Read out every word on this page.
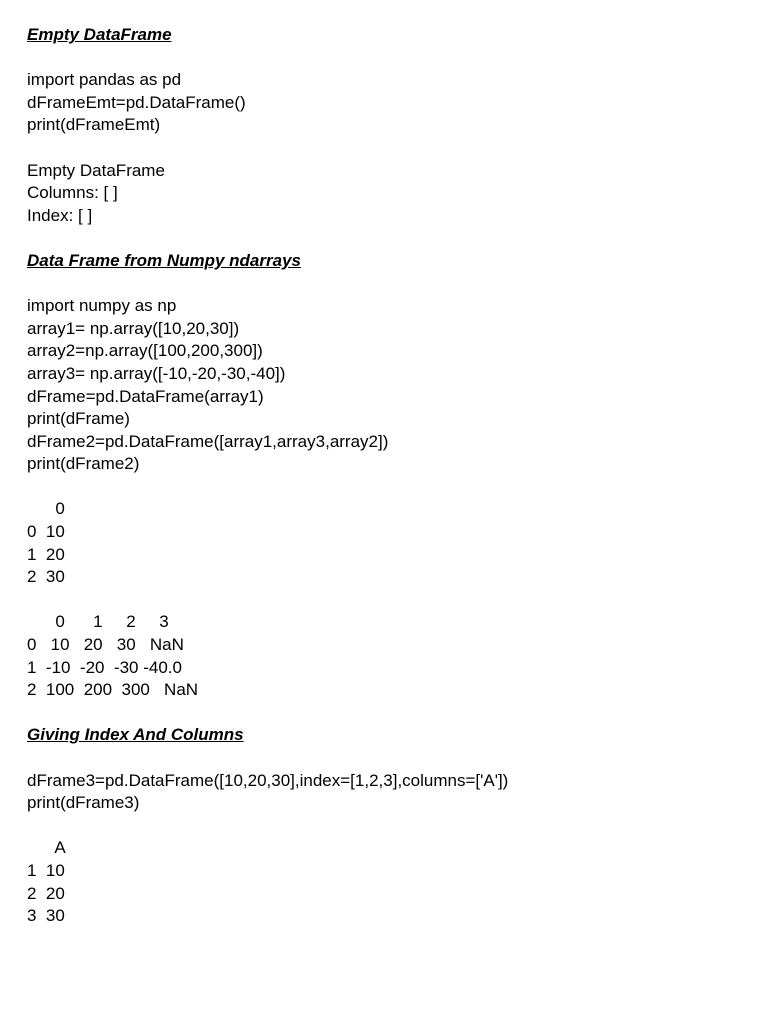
Empty DataFrame
import pandas as pd
dFrameEmt=pd.DataFrame()
print(dFrameEmt)
Empty DataFrame
Columns: [ ]
Index: [ ]
Data Frame from Numpy ndarrays
import numpy as np
array1= np.array([10,20,30])
array2=np.array([100,200,300])
array3= np.array([-10,-20,-30,-40])
dFrame=pd.DataFrame(array1)
print(dFrame)
dFrame2=pd.DataFrame([array1,array3,array2])
print(dFrame2)
0
0  10
1  20
2  30
0      1     2     3
0   10   20   30   NaN
1  -10  -20  -30 -40.0
2  100  200  300   NaN
Giving Index And Columns
dFrame3=pd.DataFrame([10,20,30],index=[1,2,3],columns=['A'])
print(dFrame3)
A
1  10
2  20
3  30
